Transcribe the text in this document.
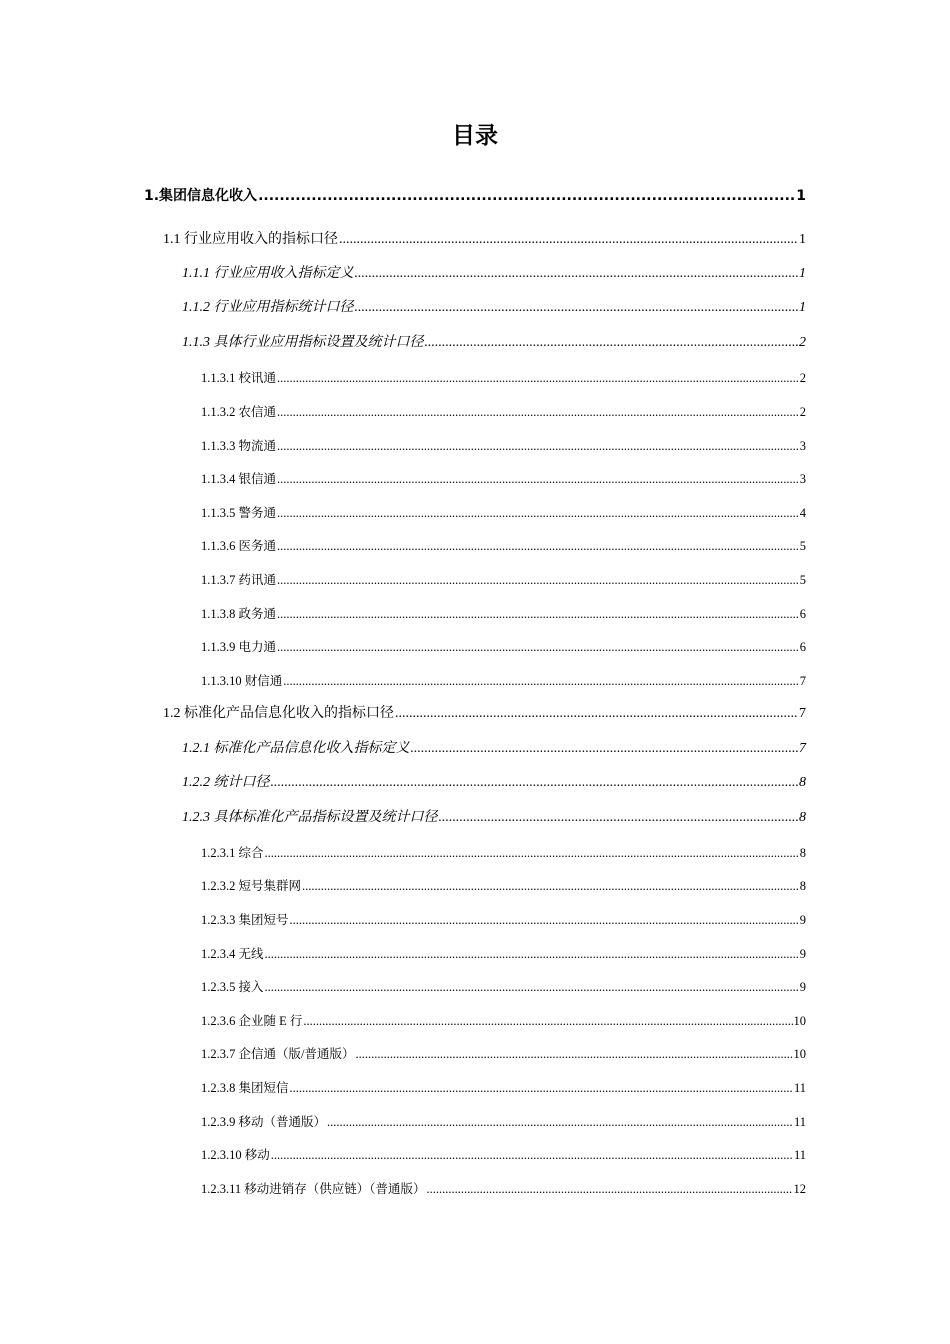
目录
1.集团信息化收入 .....	1
1.1 行业应用收入的指标口径 .....	1
1.1.1 行业应用收入指标定义 .....	1
1.1.2 行业应用指标统计口径 .....	1
1.1.3 具体行业应用指标设置及统计口径 .....	2
1.1.3.1 校讯通 .....	2
1.1.3.2 农信通 .....	2
1.1.3.3 物流通 .....	3
1.1.3.4 银信通 .....	3
1.1.3.5 警务通 .....	4
1.1.3.6 医务通 .....	5
1.1.3.7 药讯通 .....	5
1.1.3.8 政务通 .....	6
1.1.3.9 电力通 .....	6
1.1.3.10 财信通 .....	7
1.2 标准化产品信息化收入的指标口径 .....	7
1.2.1 标准化产品信息化收入指标定义 .....	7
1.2.2 统计口径 .....	8
1.2.3 具体标准化产品指标设置及统计口径 .....	8
1.2.3.1 综合 .....	8
1.2.3.2 短号集群网 .....	8
1.2.3.3 集团短号 .....	9
1.2.3.4 无线 .....	9
1.2.3.5 接入 .....	9
1.2.3.6 企业随 E 行 .....	10
1.2.3.7 企信通（版/普通版） .....	10
1.2.3.8 集团短信 .....	11
1.2.3.9 移动（普通版） .....	11
1.2.3.10 移动 .....	11
1.2.3.11 移动进销存（供应链）（普通版） .....	12
